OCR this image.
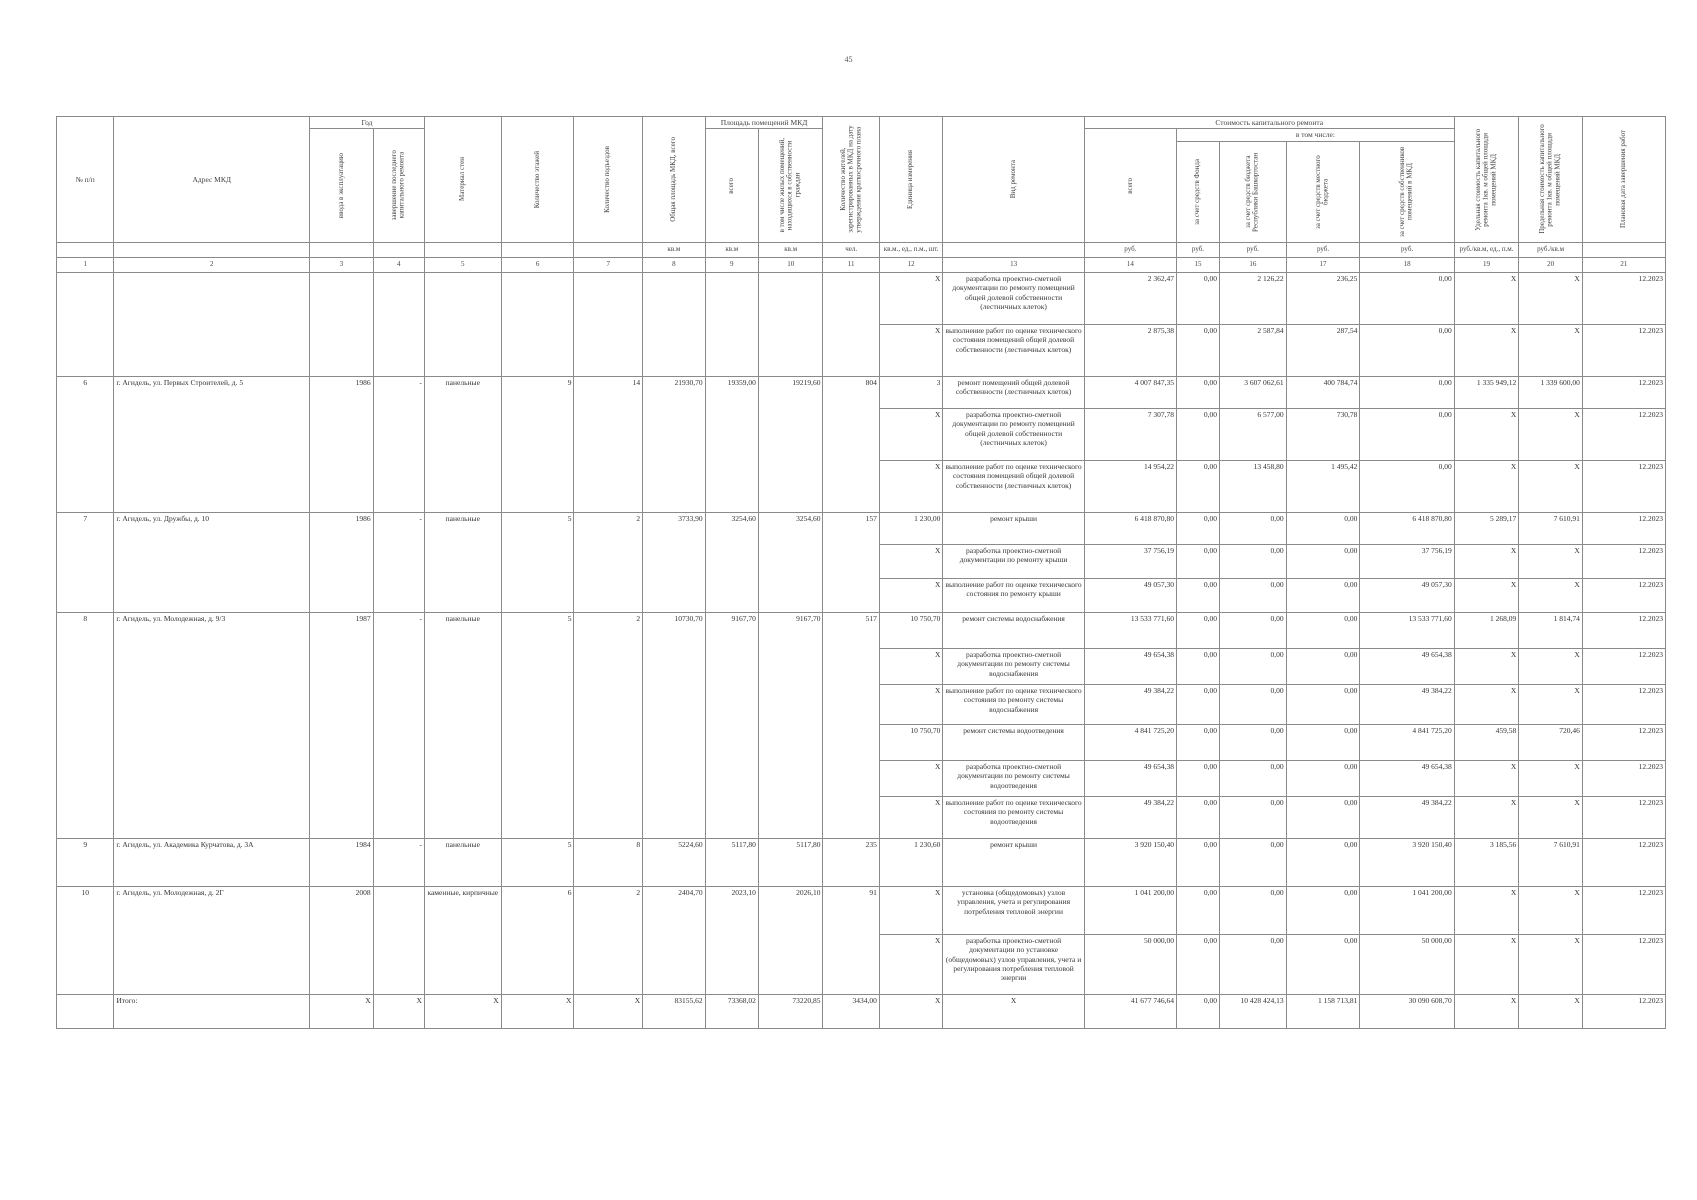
45
№ п/п	Адрес МКД	Год		Материал стен	Количество этажей	Количество подъездов	Общая площадь МКД, всего	Площадь помещений МКД		Количество жителей, зарегистрированных в МКД на дату утверждения краткосрочного плана	Единица измерения	Вид ремонта	Стоимость капитального ремонта					Удельная стоимость капитального ремонта 1кв. м общей площади помещений МКД	Предельная стоимость капитального ремонта 1кв. м общей площади помещений МКД	Плановая дата завершения работ

		ввода в эксплуатацию	завершение последнего капитального ремонта					всего	в том числе жилых помещений, находящихся в собственности граждан				всего	в том числе:						

														за счет средств Фонда	за счет средств бюджета Республики Башкортостан	за счет средств местного бюджета	за счет средств собственников помещений в МКД			

							кв.м	кв.м	кв.м	чел.	кв.м., ед., п.м., шт.		руб.	руб.	руб.	руб.	руб.	руб./кв.м, ед., п.м.	руб./кв.м	
1	2	3	4	5	6	7	8	9	10	11	12	13	14	15	16	17	18	19	20	21
											X	разработка проектно-сметной документации по ремонту помещений общей долевой собственности (лестничных клеток)	2 362,47	0,00	2 126,22	236,25	0,00	X	X	12.2023
											X	выполнение работ по оценке технического состояния помещений общей долевой собственности (лестничных клеток)	2 875,38	0,00	2 587,84	287,54	0,00	X	X	12.2023
6	г. Агидель, ул. Первых Строителей, д. 5	1986	-	панельные	9	14	21930,70	19359,00	19219,60	804	3	ремонт помещений общей долевой собственности (лестничных клеток)	4 007 847,35	0,00	3 607 062,61	400 784,74	0,00	1 335 949,12	1 339 600,00	12.2023
											X	разработка проектно-сметной документации по ремонту помещений общей долевой собственности (лестничных клеток)	7 307,78	0,00	6 577,00	730,78	0,00	X	X	12.2023
											X	выполнение работ по оценке технического состояния помещений общей долевой собственности (лестничных клеток)	14 954,22	0,00	13 458,80	1 495,42	0,00	X	X	12.2023
7	г. Агидель, ул. Дружбы, д. 10	1986	-	панельные	5	2	3733,90	3254,60	3254,60	157	1 230,00	ремонт крыши	6 418 870,80	0,00	0,00	0,00	6 418 870,80	5 289,17	7 610,91	12.2023
											X	разработка проектно-сметной документации по ремонту крыши	37 756,19	0,00	0,00	0,00	37 756,19	X	X	12.2023
											X	выполнение работ по оценке технического состояния по ремонту крыши	49 057,30	0,00	0,00	0,00	49 057,30	X	X	12.2023
8	г. Агидель, ул. Молодежная, д. 9/3	1987	-	панельные	5	2	10730,70	9167,70	9167,70	517	10 750,70	ремонт системы водоснабжения	13 533 771,60	0,00	0,00	0,00	13 533 771,60	1 268,09	1 814,74	12.2023
											X	разработка проектно-сметной документации по ремонту системы водоснабжения	49 654,38	0,00	0,00	0,00	49 654,38	X	X	12.2023
											X	выполнение работ по оценке технического состояния по ремонту системы водоснабжения	49 384,22	0,00	0,00	0,00	49 384,22	X	X	12.2023
											10 750,70	ремонт системы водоотведения	4 841 725,20	0,00	0,00	0,00	4 841 725,20	459,58	720,46	12.2023
											X	разработка проектно-сметной документации по ремонту системы водоотведения	49 654,38	0,00	0,00	0,00	49 654,38	X	X	12.2023
											X	выполнение работ по оценке технического состояния по ремонту системы водоотведения	49 384,22	0,00	0,00	0,00	49 384,22	X	X	12.2023
9	г. Агидель, ул. Академика Курчатова, д. 3А	1984	-	панельные	5	8	5224,60	5117,80	5117,80	235	1 230,60	ремонт крыши	3 920 150,40	0,00	0,00	0,00	3 920 150,40	3 185,56	7 610,91	12.2023
10	г. Агидель, ул. Молодежная, д. 2Г	2008		каменные, кирпичные	6	2	2404,70	2023,10	2026,10	91	X	установка (общедомовых) узлов управления, учета и регулирования потребления тепловой энергии	1 041 200,00	0,00	0,00	0,00	1 041 200,00	X	X	12.2023
											X	разработка проектно-сметной документации по установке (общедомовых) узлов управления, учета и регулирования потребления тепловой энергии	50 000,00	0,00	0,00	0,00	50 000,00	X	X	12.2023
	Итого:	X	X	X	X	X	83155,62	73368,02	73220,85	3434,00	X	X	41 677 746,64	0,00	10 428 424,13	1 158 713,81	30 090 608,70	X	X	12.2023
